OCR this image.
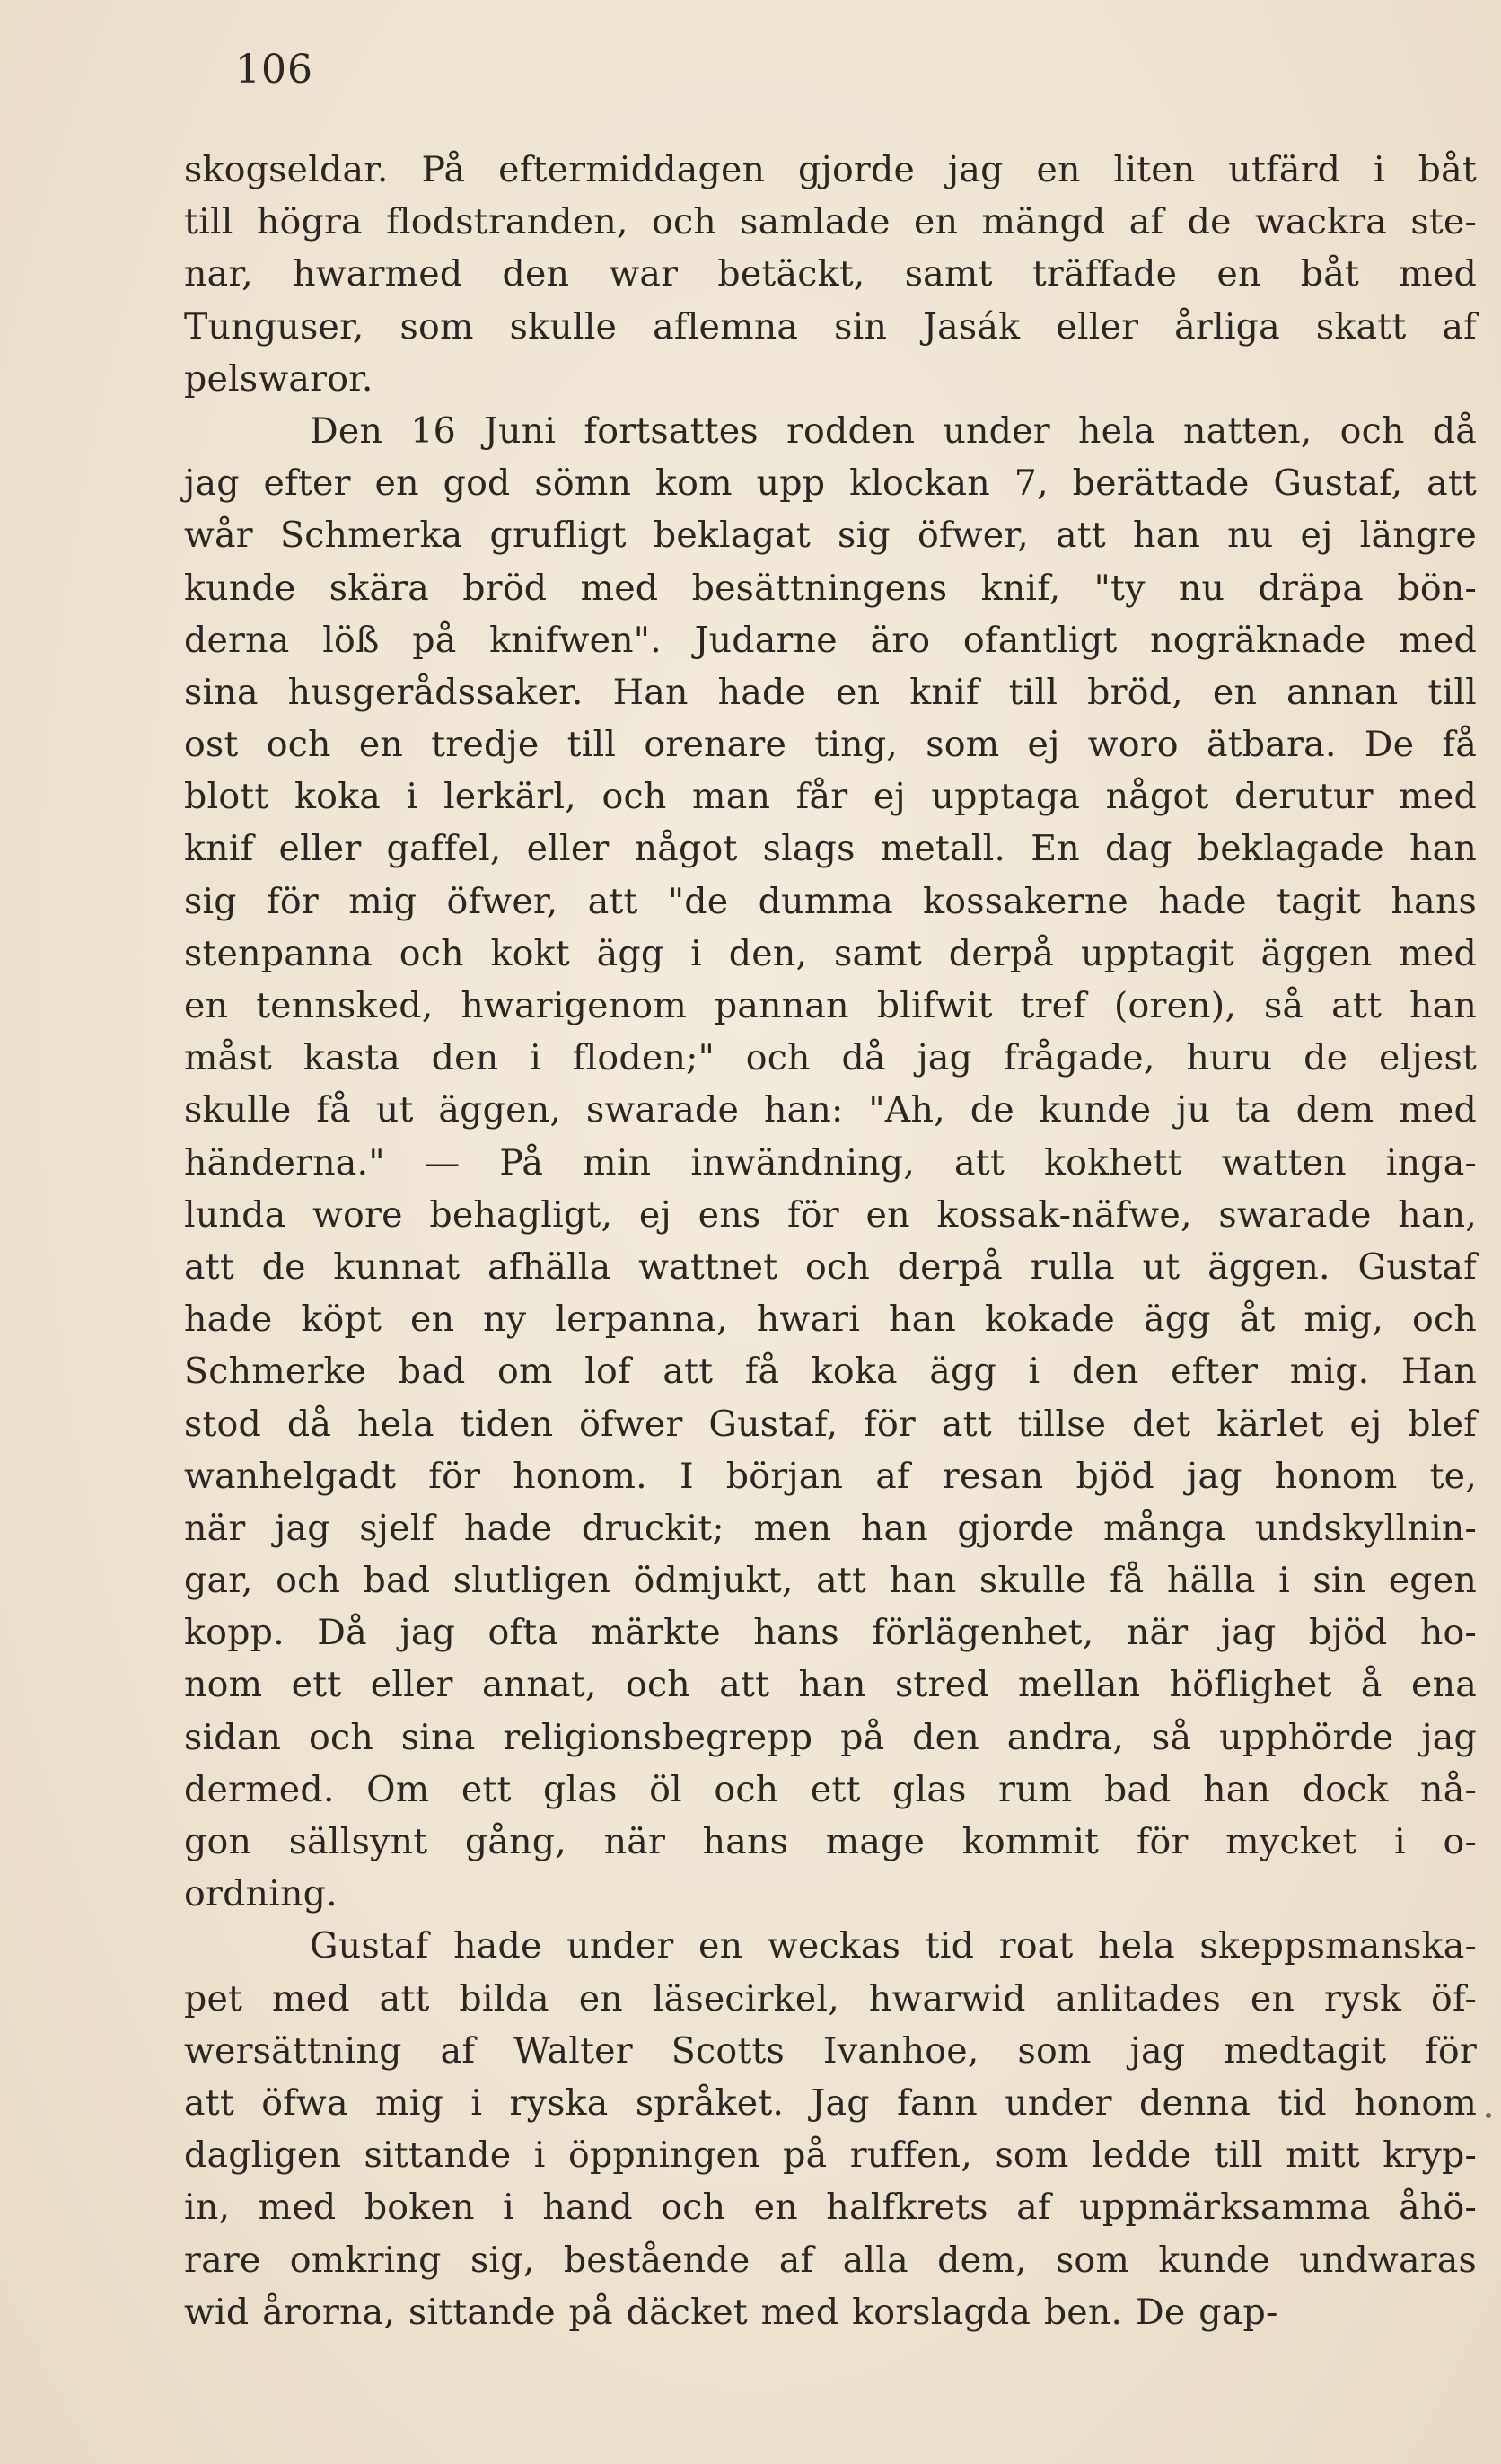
106
skogseldar. På eftermiddagen gjorde jag en liten utfärd i båt
till högra flodstranden, och samlade en mängd af de wackra ste-
nar, hwarmed den war betäckt, samt träffade en båt med
Tunguser, som skulle aflemna sin Jasák eller årliga skatt af
pelswaror.
Den 16 Juni fortsattes rodden under hela natten, och då
jag efter en god sömn kom upp klockan 7, berättade Gustaf, att
wår Schmerka grufligt beklagat sig öfwer, att han nu ej längre
kunde skära bröd med besättningens knif, "ty nu dräpa bön-
derna löß på knifwen". Judarne äro ofantligt nogräknade med
sina husgerådssaker. Han hade en knif till bröd, en annan till
ost och en tredje till orenare ting, som ej woro ätbara. De få
blott koka i lerkärl, och man får ej upptaga något derutur med
knif eller gaffel, eller något slags metall. En dag beklagade han
sig för mig öfwer, att "de dumma kossakerne hade tagit hans
stenpanna och kokt ägg i den, samt derpå upptagit äggen med
en tennsked, hwarigenom pannan blifwit tref (oren), så att han
måst kasta den i floden;" och då jag frågade, huru de eljest
skulle få ut äggen, swarade han: "Ah, de kunde ju ta dem med
händerna." — På min inwändning, att kokhett watten inga-
lunda wore behagligt, ej ens för en kossak-näfwe, swarade han,
att de kunnat afhälla wattnet och derpå rulla ut äggen. Gustaf
hade köpt en ny lerpanna, hwari han kokade ägg åt mig, och
Schmerke bad om lof att få koka ägg i den efter mig. Han
stod då hela tiden öfwer Gustaf, för att tillse det kärlet ej blef
wanhelgadt för honom. I början af resan bjöd jag honom te,
när jag sjelf hade druckit; men han gjorde många undskyllnin-
gar, och bad slutligen ödmjukt, att han skulle få hälla i sin egen
kopp. Då jag ofta märkte hans förlägenhet, när jag bjöd ho-
nom ett eller annat, och att han stred mellan höflighet å ena
sidan och sina religionsbegrepp på den andra, så upphörde jag
dermed. Om ett glas öl och ett glas rum bad han dock nå-
gon sällsynt gång, när hans mage kommit för mycket i o-
ordning.
Gustaf hade under en weckas tid roat hela skeppsmanska-
pet med att bilda en läsecirkel, hwarwid anlitades en rysk öf-
wersättning af Walter Scotts Ivanhoe, som jag medtagit för
att öfwa mig i ryska språket. Jag fann under denna tid honom
dagligen sittande i öppningen på ruffen, som ledde till mitt kryp-
in, med boken i hand och en halfkrets af uppmärksamma åhö-
rare omkring sig, bestående af alla dem, som kunde undwaras
wid årorna, sittande på däcket med korslagda ben. De gap-
